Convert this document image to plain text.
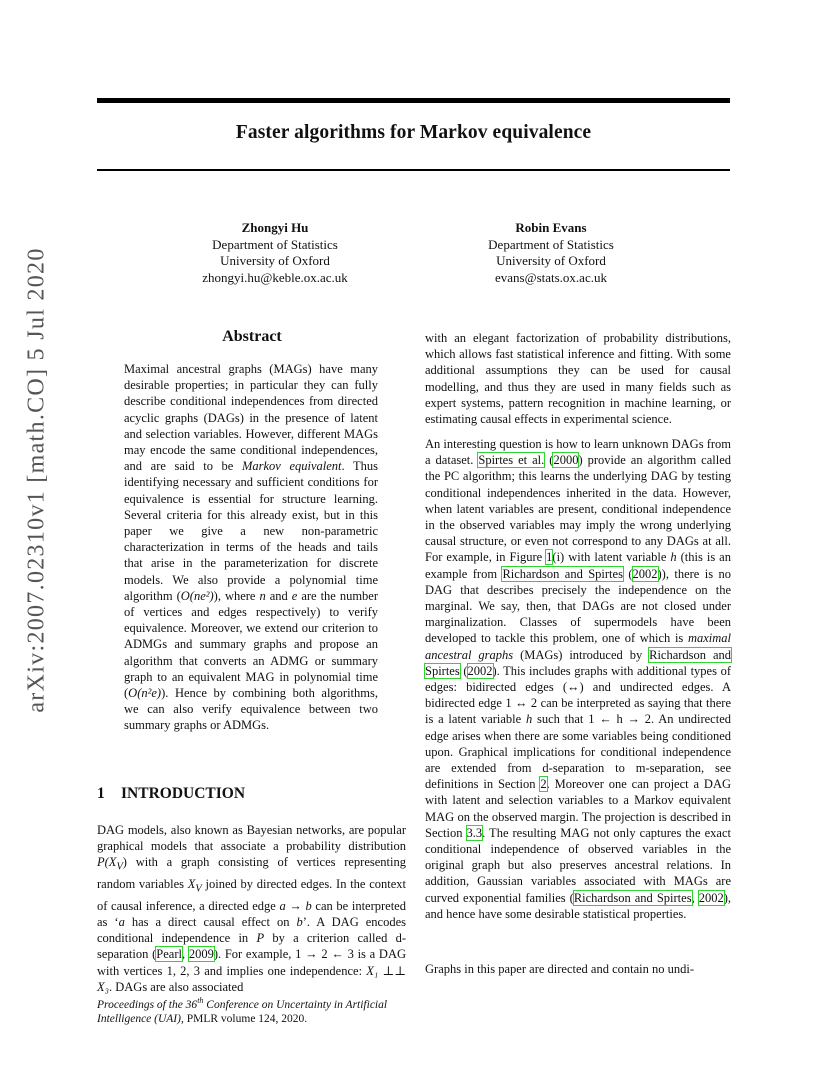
Faster algorithms for Markov equivalence
Zhongyi Hu
Department of Statistics
University of Oxford
zhongyi.hu@keble.ox.ac.uk
Robin Evans
Department of Statistics
University of Oxford
evans@stats.ox.ac.uk
arXiv:2007.02310v1 [math.CO] 5 Jul 2020	Abstract
Maximal ancestral graphs (MAGs) have many desirable properties; in particular they can fully describe conditional independences from directed acyclic graphs (DAGs) in the presence of latent and selection variables. However, different MAGs may encode the same conditional independences, and are said to be Markov equivalent. Thus identifying necessary and sufficient conditions for equivalence is essential for structure learning. Several criteria for this already exist, but in this paper we give a new non-parametric characterization in terms of the heads and tails that arise in the parameterization for discrete models. We also provide a polynomial time algorithm (O(ne²)), where n and e are the number of vertices and edges respectively) to verify equivalence. Moreover, we extend our criterion to ADMGs and summary graphs and propose an algorithm that converts an ADMG or summary graph to an equivalent MAG in polynomial time (O(n²e)). Hence by combining both algorithms, we can also verify equivalence between two summary graphs or ADMGs.
1 INTRODUCTION
DAG models, also known as Bayesian networks, are popular graphical models that associate a probability distribution $P(X_V)$ with a graph consisting of vertices representing random variables $X_V$ joined by directed edges. In the context of causal inference, a directed edge a → b can be interpreted as ‘a has a direct causal effect on b’. A DAG encodes conditional independence in P by a criterion called d-separation (Pearl, 2009). For example, 1 → 2 ← 3 is a DAG with vertices 1, 2, 3 and implies one independence: X₁ ⊥⊥ X₃. DAGs are also associated
with an elegant factorization of probability distributions, which allows fast statistical inference and fitting. With some additional assumptions they can be used for causal modelling, and thus they are used in many fields such as expert systems, pattern recognition in machine learning, or estimating causal effects in experimental science.
An interesting question is how to learn unknown DAGs from a dataset. Spirtes et al. (2000) provide an algorithm called the PC algorithm; this learns the underlying DAG by testing conditional independences inherited in the data. However, when latent variables are present, conditional independence in the observed variables may imply the wrong underlying causal structure, or even not correspond to any DAGs at all. For example, in Figure 1(i) with latent variable h (this is an example from Richardson and Spirtes (2002)), there is no DAG that describes precisely the independence on the marginal. We say, then, that DAGs are not closed under marginalization. Classes of supermodels have been developed to tackle this problem, one of which is maximal ancestral graphs (MAGs) introduced by Richardson and Spirtes (2002). This includes graphs with additional types of edges: bidirected edges (↔) and undirected edges. A bidirected edge 1 ↔ 2 can be interpreted as saying that there is a latent variable h such that 1 ← h → 2. An undirected edge arises when there are some variables being conditioned upon. Graphical implications for conditional independence are extended from d-separation to m-separation, see definitions in Section 2. Moreover one can project a DAG with latent and selection variables to a Markov equivalent MAG on the observed margin. The projection is described in Section 3.3. The resulting MAG not only captures the exact conditional independence of observed variables in the original graph but also preserves ancestral relations. In addition, Gaussian variables associated with MAGs are curved exponential families (Richardson and Spirtes, 2002), and hence have some desirable statistical properties.
Graphs in this paper are directed and contain no undi-
Proceedings of the 36th Conference on Uncertainty in Artificial Intelligence (UAI), PMLR volume 124, 2020.
